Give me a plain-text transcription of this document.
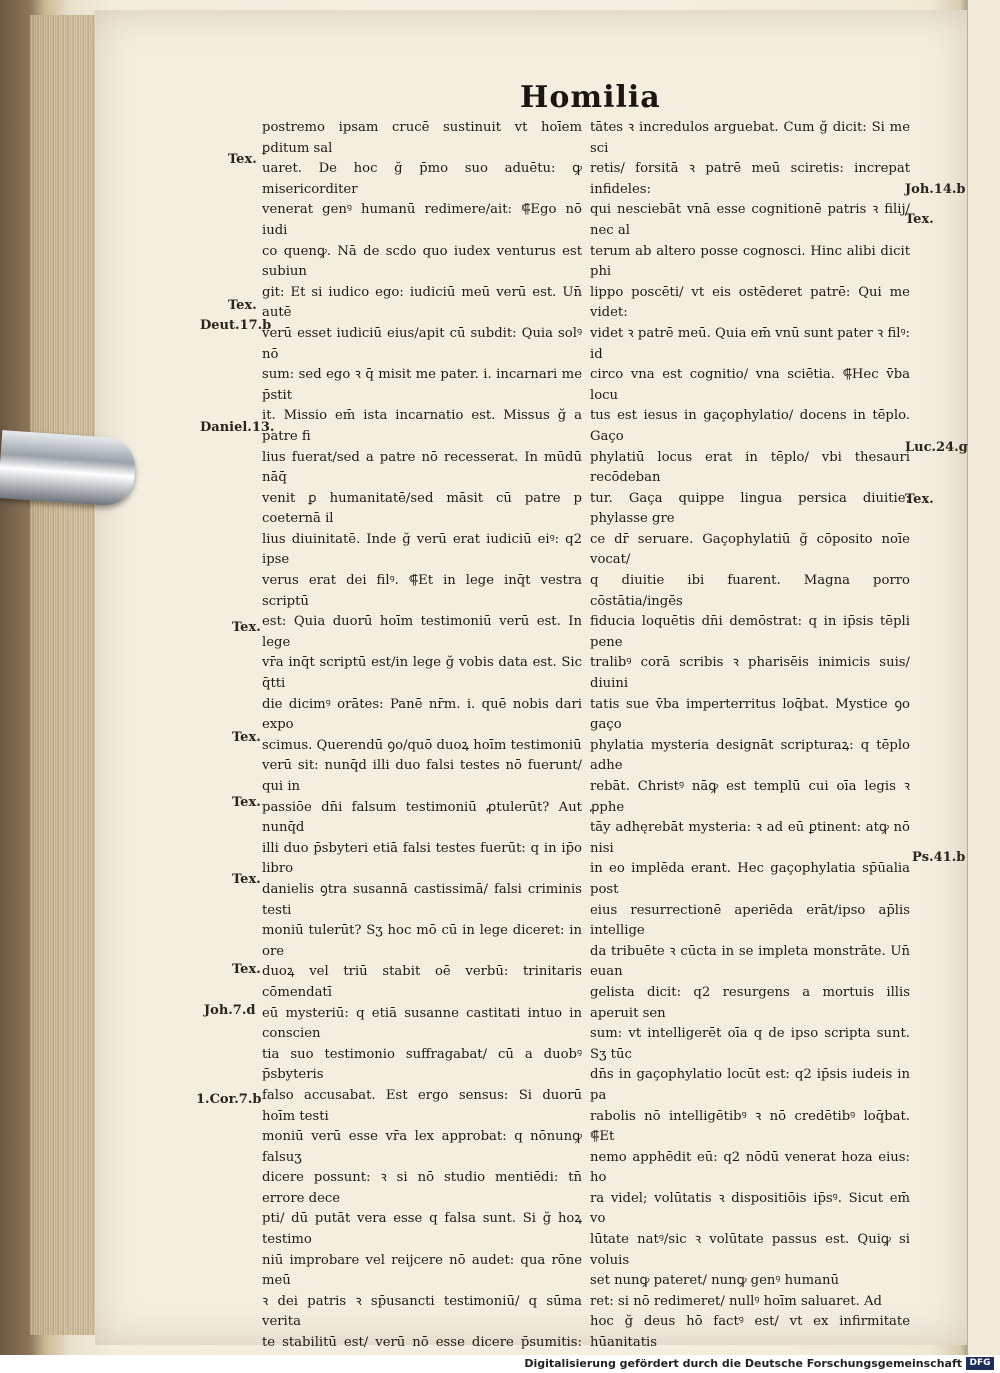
Homilia

postremo ipsam crucē sustinuit vt hoīem ꝑditum sal

uaret. De hoc ğ p̄mo suo aduētu: ꝙ misericorditer

venerat genꝰ humanū redimere/ait: ⸿Ego nō iudi

co quenꝙ. Nā de scdo quo iudex venturus est subiun

git: Et si iudico ego: iudiciū meū verū est. Un̄ autē

verū esset iudiciū eius/apit cū subdit: Quia solꝰ nō

sum: sed ego ꝛ q̄ misit me pater. i. incarnari me p̄stit

it. Missio em̄ ista incarnatio est. Missus ğ a patre fi

lius fuerat/sed a patre nō recesserat. In mūdū nāq̄

venit ꝑ humanitatē/sed māsit cū patre p coeternā il

lius diuinitatē. Inde ğ verū erat iudiciū eiꝰ: q2 ipse

verus erat dei filꝰ. ⸿Et in lege inq̄t vestra scriptū

est: Quia duorū hoīm testimoniū verū est. In lege

vr̄a inq̄t scriptū est/in lege ğ vobis data est. Sic q̄tti

die dicimꝰ orātes: Panē nr̄m. i. quē nobis dari expo

scimus. Querendū ꝯo/quō duoꝝ hoīm testimoniū

verū sit: nunq̄d illi duo falsi testes nō fuerunt/ qui in

passiōe dn̄i falsum testimoniū ꝓtulerūt? Aut nunq̄d

illi duo p̄sbyteri etiā falsi testes fuerūt: q in ip̄o libro

danielis ꝯtra susannā castissimā/ falsi criminis testi

moniū tulerūt? Sʒ hoc mō cū in lege diceret: in ore

duoꝝ vel triū stabit oē verbū: trinitaris cōmendatī

eū mysteriū: q etiā susanne castitati intuo in conscien

tia suo testimonio suffragabat/ cū a duobꝰ p̄sbyteris

falso accusabat. Est ergo sensus: Si duorū hoīm testi

moniū verū esse vr̄a lex approbat: q nōnunꝙ falsuʒ

dicere possunt: ꝛ si nō studio mentiēdi: tn̄ errore dece

pti/ dū putāt vera esse q falsa sunt. Si ğ hoꝝ testimo

niū improbare vel reijcere nō audet: qua rōne meū

ꝛ dei patris ꝛ sp̄usancti testimoniū/ q sūma verita

te stabilitū est/ verū nō esse dicere p̄sumitis:

tātes ꝛ incredulos arguebat. Cum ğ dicit: Si me sci

retis/ forsitā ꝛ patrē meū sciretis: increpat infideles:

qui nesciebāt vnā esse cognitionē patris ꝛ filij/ nec al

terum ab altero posse cognosci. Hinc alibi dicit phi

lippo poscēti/ vt eis ostēderet patrē: Qui me videt:

videt ꝛ patrē meū. Quia em̄ vnū sunt pater ꝛ filꝰ: id

circo vna est cognitio/ vna sciētia. ⸿Hec v̄ba locu

tus est iesus in gaçophylatio/ docens in tēplo. Gaço

phylatiū locus erat in tēplo/ vbi thesauri recōdeban

tur. Gaça quippe lingua persica diuitie: phylasse gre

ce dr̄ seruare. Gaçophylatiū ğ cōposito noīe vocat/

q diuitie ibi fuarent. Magna porro cōstātia/ingēs

fiducia loquētis dn̄i demōstrat: q in ip̄sis tēpli pene

tralibꝰ corā scribis ꝛ pharisēis inimicis suis/ diuini

tatis sue v̄ba imperterritus loq̄bat. Mystice ꝯo gaço

phylatia mysteria designāt scripturaꝝ: q tēplo adhe

rebāt. Christꝰ nāꝙ est templū cui oīa legis ꝛ ꝓphe

tāy adhęrebāt mysteria: ꝛ ad eū ꝑtinent: atꝙ nō nisi

in eo implēda erant. Hec gaçophylatia sp̄ūalia post

eius resurrectionē aperiēda erāt/ipso ap̄lis intellige

da tribuēte ꝛ cūcta in se impleta monstrāte. Un̄ euan

gelista dicit: q2 resurgens a mortuis illis aperuit sen

sum: vt intelligerēt oīa q de ipso scripta sunt. Sʒ tūc

dn̄s in gaçophylatio locūt est: q2 ip̄sis iudeis in pa

rabolis nō intelligētibꝰ ꝛ nō credētibꝰ loq̄bat. ⸿Et

nemo apphēdit eū: q2 nōdū venerat hoza eius: ho

ra videl; volūtatis ꝛ dispositiōis ip̄sꝰ. Sicut em̄ vo

lūtate natꝰ/sic ꝛ volūtate passus est. Quiꝙ si voluis

set nunꝙ pateret/ nunꝙ genꝰ humanū

ret: si nō redimeret/ nullꝰ hoīm saluaret. Ad

hoc ğ deus hō factꝰ est/ vt ex infirmitate hūanitatis

Tex.
Tex.
Deut.17.b
Daniel.13.
Tex.
Tex.
Tex.
Tex.
Tex.
Joh.7.d
1.Cor.7.b
Joh.14.b
Tex.
Luc.24.g
Tex.
Ps.41.b
Digitalisierung gefördert durch die Deutsche Forschungsgemeinschaft DFG
